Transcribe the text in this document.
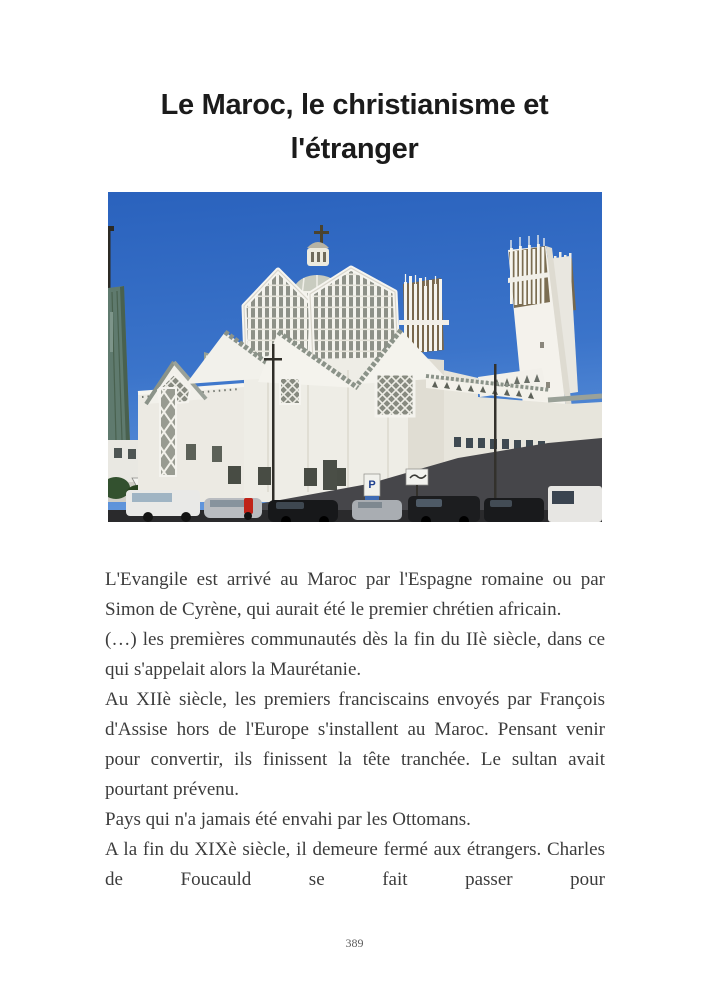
Le Maroc, le christianisme et
l'étranger
P

L'Evangile est arrivé au Maroc par l'Espagne romaine ou par Simon de Cyrène, qui aurait été le premier chrétien africain.

(…) les premières communautés dès la fin du IIè siècle, dans ce qui s'appelait alors la Maurétanie.

Au XIIè siècle, les premiers franciscains envoyés par François d'Assise hors de l'Europe s'installent au Maroc. Pensant venir pour convertir, ils finissent la tête tranchée. Le sultan avait pourtant prévenu.

Pays qui n'a jamais été envahi par les Ottomans.

A la fin du XIXè siècle, il demeure fermé aux étrangers. Charles de Foucauld se fait passer pour

389
